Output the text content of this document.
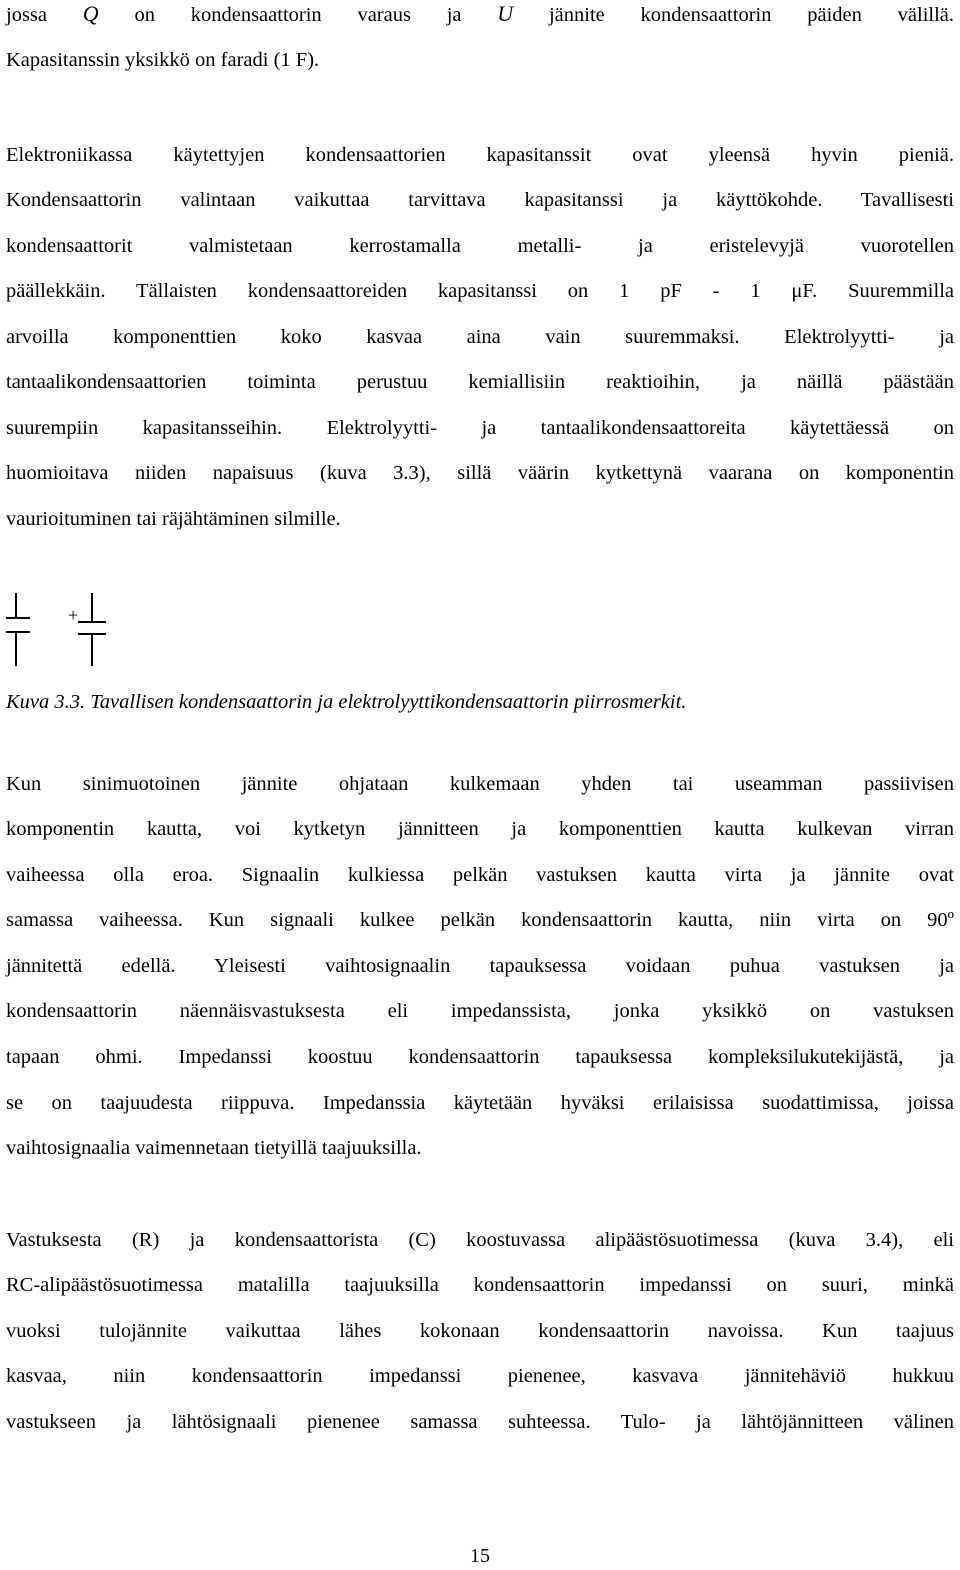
jossa Q on kondensaattorin varaus ja U jännite kondensaattorin päiden välillä.
Kapasitanssin yksikkö on faradi (1 F).
Elektroniikassa käytettyjen kondensaattorien kapasitanssit ovat yleensä hyvin pieniä.
Kondensaattorin valintaan vaikuttaa tarvittava kapasitanssi ja käyttökohde. Tavallisesti
kondensaattorit valmistetaan kerrostamalla metalli- ja eristelevyjä vuorotellen
päällekkäin. Tällaisten kondensaattoreiden kapasitanssi on 1 pF - 1 μF. Suuremmilla
arvoilla komponenttien koko kasvaa aina vain suuremmaksi. Elektrolyytti- ja
tantaalikondensaattorien toiminta perustuu kemiallisiin reaktioihin, ja näillä päästään
suurempiin kapasitansseihin. Elektrolyytti- ja tantaalikondensaattoreita käytettäessä on
huomioitava niiden napaisuus (kuva 3.3), sillä väärin kytkettynä vaarana on komponentin
vaurioituminen tai räjähtäminen silmille.
+
Kuva 3.3. Tavallisen kondensaattorin ja elektrolyyttikondensaattorin piirrosmerkit.
Kun sinimuotoinen jännite ohjataan kulkemaan yhden tai useamman passiivisen
komponentin kautta, voi kytketyn jännitteen ja komponenttien kautta kulkevan virran
vaiheessa olla eroa. Signaalin kulkiessa pelkän vastuksen kautta virta ja jännite ovat
samassa vaiheessa. Kun signaali kulkee pelkän kondensaattorin kautta, niin virta on 90º
jännitettä edellä. Yleisesti vaihtosignaalin tapauksessa voidaan puhua vastuksen ja
kondensaattorin näennäisvastuksesta eli impedanssista, jonka yksikkö on vastuksen
tapaan ohmi. Impedanssi koostuu kondensaattorin tapauksessa kompleksilukutekijästä, ja
se on taajuudesta riippuva. Impedanssia käytetään hyväksi erilaisissa suodattimissa, joissa
vaihtosignaalia vaimennetaan tietyillä taajuuksilla.
Vastuksesta (R) ja kondensaattorista (C) koostuvassa alipäästösuotimessa (kuva 3.4), eli
RC-alipäästösuotimessa matalilla taajuuksilla kondensaattorin impedanssi on suuri, minkä
vuoksi tulojännite vaikuttaa lähes kokonaan kondensaattorin navoissa. Kun taajuus
kasvaa, niin kondensaattorin impedanssi pienenee, kasvava jännitehäviö hukkuu
vastukseen ja lähtösignaali pienenee samassa suhteessa. Tulo- ja lähtöjännitteen välinen
15
